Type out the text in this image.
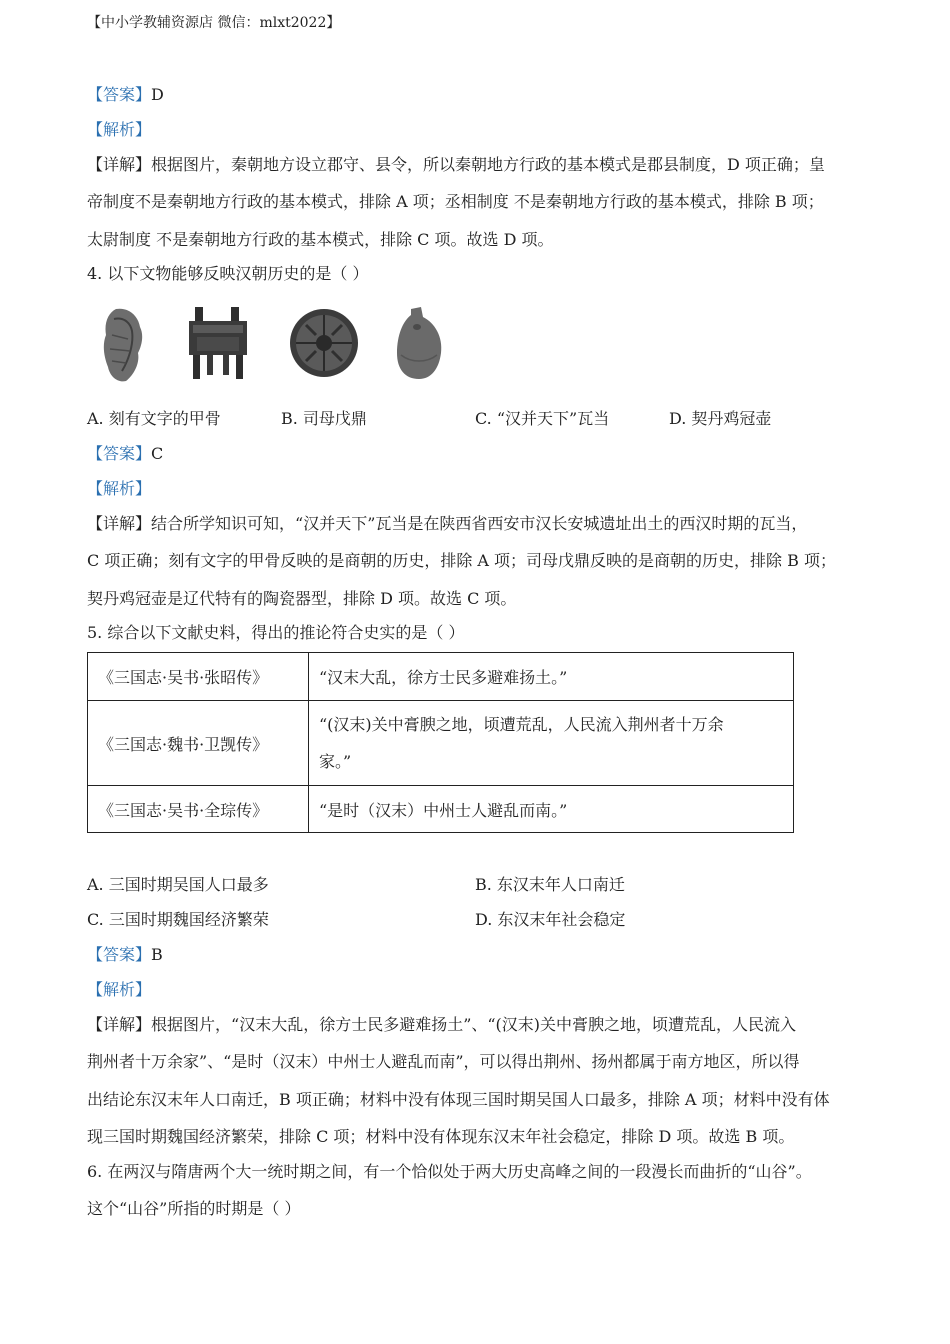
【中小学教辅资源店 微信：mlxt2022】
【答案】D
【解析】
【详解】根据图片，秦朝地方设立郡守、县令，所以秦朝地方行政的基本模式是郡县制度，D 项正确；皇
帝制度不是秦朝地方行政的基本模式，排除 A 项；丞相制度 不是秦朝地方行政的基本模式，排除 B 项；
太尉制度 不是秦朝地方行政的基本模式，排除 C 项。故选 D 项。
4. 以下文物能够反映汉朝历史的是（ ）
A. 刻有文字的甲骨	B. 司母戊鼎	C. “汉并天下”瓦当	D. 契丹鸡冠壶
【答案】C
【解析】
【详解】结合所学知识可知，“汉并天下”瓦当是在陕西省西安市汉长安城遗址出土的西汉时期的瓦当，
C 项正确；刻有文字的甲骨反映的是商朝的历史，排除 A 项；司母戊鼎反映的是商朝的历史，排除 B 项；
契丹鸡冠壶是辽代特有的陶瓷器型，排除 D 项。故选 C 项。
5. 综合以下文献史料，得出的推论符合史实的是（ ）
《三国志·吴书·张昭传》	“汉末大乱，徐方士民多避难扬土。”
《三国志·魏书·卫觊传》	“(汉末)关中膏腴之地，顷遭荒乱，人民流入荆州者十万余
家。”

《三国志·吴书·全琮传》	“是时（汉末）中州士人避乱而南。”
A. 三国时期吴国人口最多	B. 东汉末年人口南迁
C. 三国时期魏国经济繁荣	D. 东汉末年社会稳定
【答案】B
【解析】
【详解】根据图片，“汉末大乱，徐方士民多避难扬土”、“(汉末)关中膏腴之地，顷遭荒乱，人民流入
荆州者十万余家”、“是时（汉末）中州士人避乱而南”，可以得出荆州、扬州都属于南方地区，所以得
出结论东汉末年人口南迁，B 项正确；材料中没有体现三国时期吴国人口最多，排除 A 项；材料中没有体
现三国时期魏国经济繁荣，排除 C 项；材料中没有体现东汉末年社会稳定，排除 D 项。故选 B 项。
6. 在两汉与隋唐两个大一统时期之间，有一个恰似处于两大历史高峰之间的一段漫长而曲折的“山谷”。
这个“山谷”所指的时期是（ ）
